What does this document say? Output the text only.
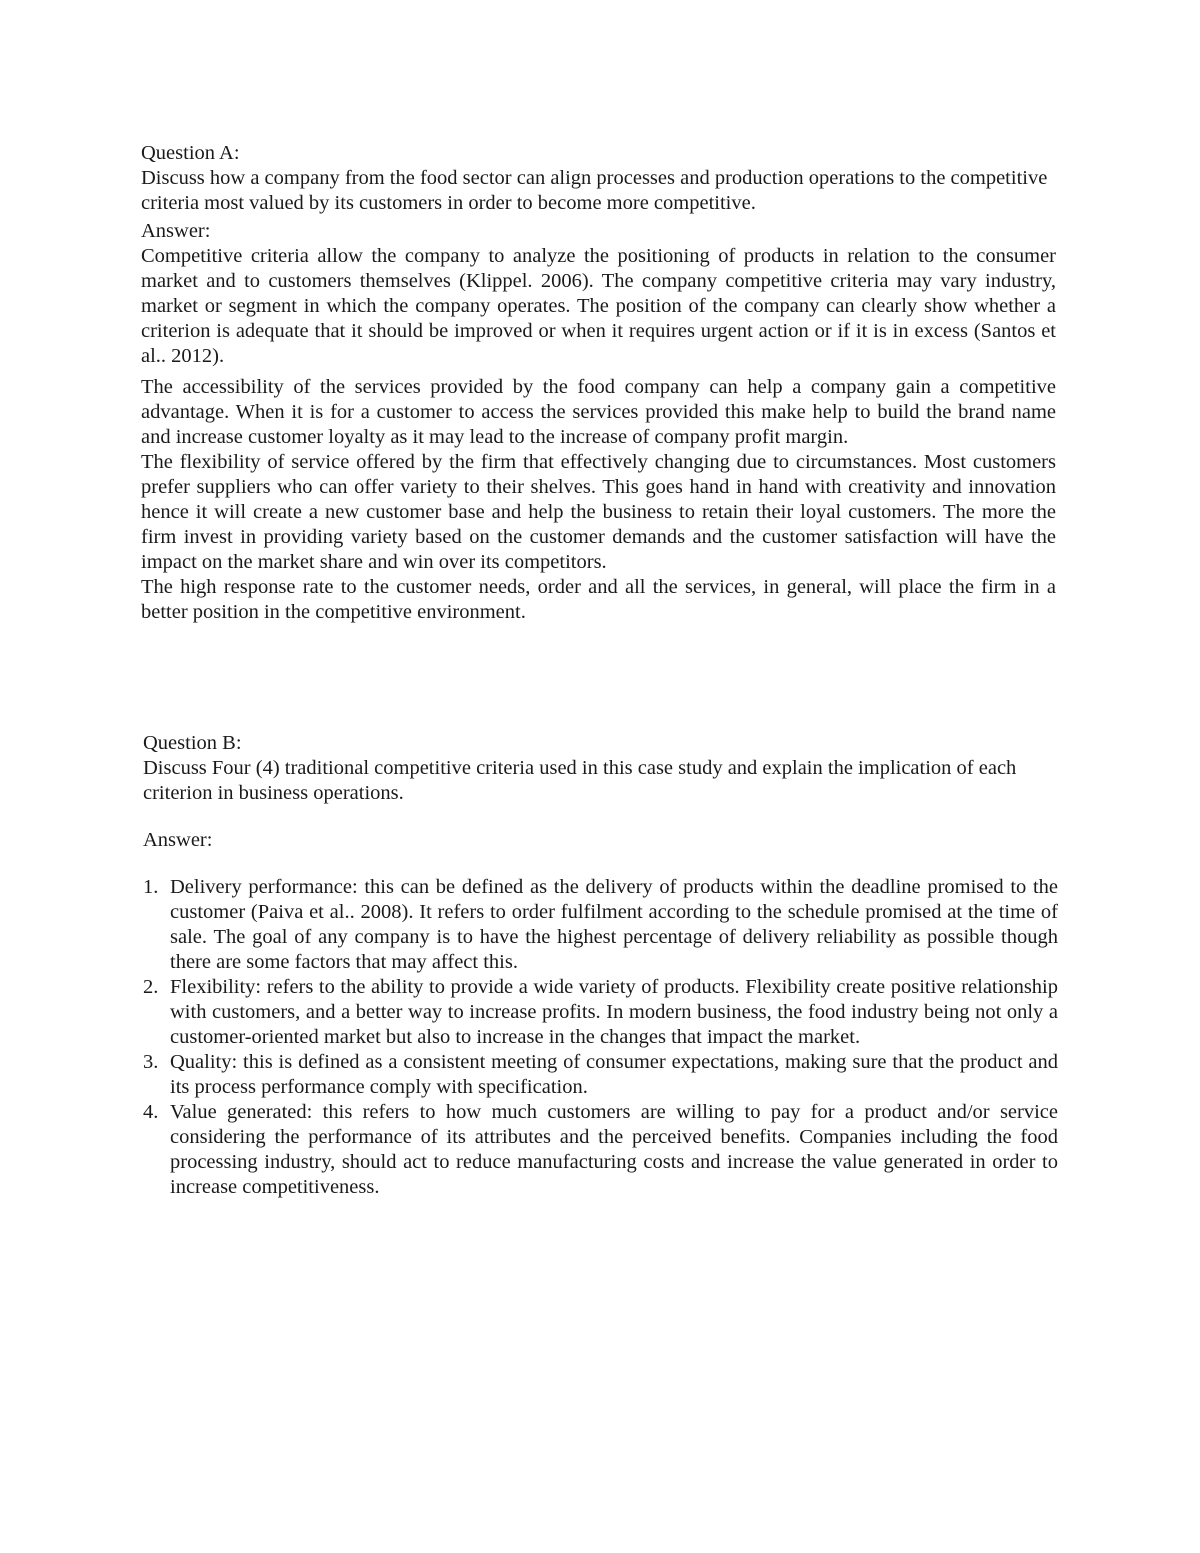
Question A:

Discuss how a company from the food sector can align processes and production operations to the competitive criteria most valued by its customers in order to become more competitive.

Answer:

Competitive criteria allow the company to analyze the positioning of products in relation to the consumer market and to customers themselves (Klippel. 2006). The company competitive criteria may vary industry, market or segment in which the company operates. The position of the company can clearly show whether a criterion is adequate that it should be improved or when it requires urgent action or if it is in excess (Santos et al.. 2012).

The accessibility of the services provided by the food company can help a company gain a competitive advantage. When it is for a customer to access the services provided this make help to build the brand name and increase customer loyalty as it may lead to the increase of company profit margin.

The flexibility of service offered by the firm that effectively changing due to circumstances. Most customers prefer suppliers who can offer variety to their shelves. This goes hand in hand with creativity and innovation hence it will create a new customer base and help the business to retain their loyal customers. The more the firm invest in providing variety based on the customer demands and the customer satisfaction will have the impact on the market share and win over its competitors.

The high response rate to the customer needs, order and all the services, in general, will place the firm in a better position in the competitive environment.

Question B:

Discuss Four (4) traditional competitive criteria used in this case study and explain the implication of each criterion in business operations.

Answer:

1. Delivery performance: this can be defined as the delivery of products within the deadline promised to the customer (Paiva et al.. 2008). It refers to order fulfilment according to the schedule promised at the time of sale. The goal of any company is to have the highest percentage of delivery reliability as possible though there are some factors that may affect this.
2. Flexibility: refers to the ability to provide a wide variety of products. Flexibility create positive relationship with customers, and a better way to increase profits. In modern business, the food industry being not only a customer-oriented market but also to increase in the changes that impact the market.
3. Quality: this is defined as a consistent meeting of consumer expectations, making sure that the product and its process performance comply with specification.
4. Value generated: this refers to how much customers are willing to pay for a product and/or service considering the performance of its attributes and the perceived benefits. Companies including the food processing industry, should act to reduce manufacturing costs and increase the value generated in order to increase competitiveness.
